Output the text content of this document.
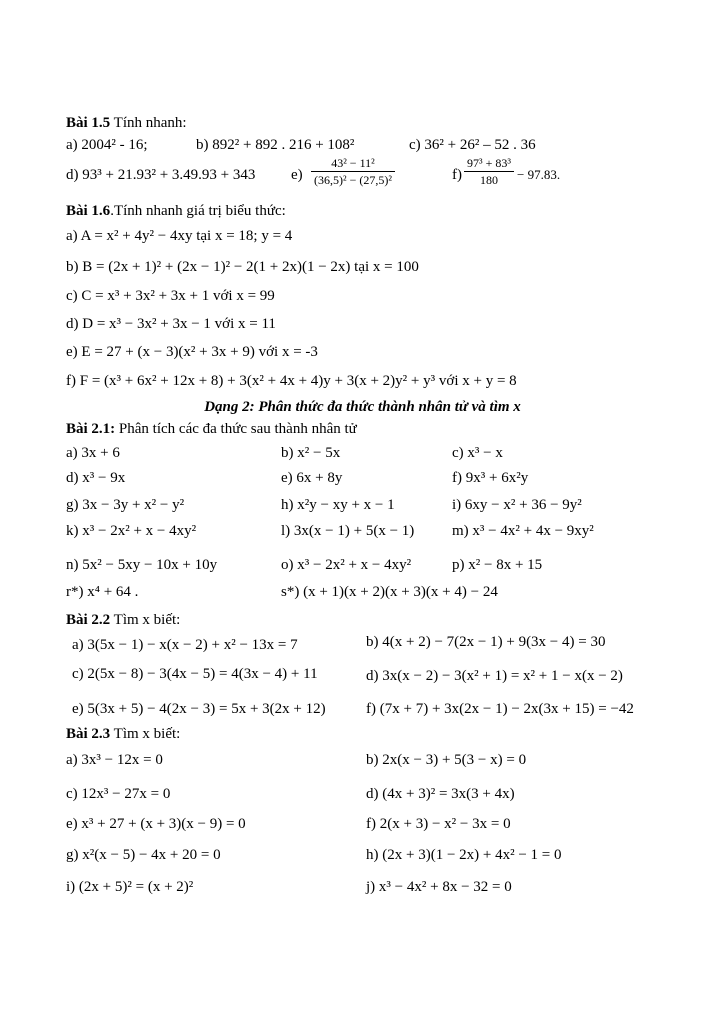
Bài 1.5 Tính nhanh:
a) 2004² - 16;	b) 892² + 892 . 216 + 108²	c) 36² + 26² – 52 . 36
d) 93³ + 21.93² + 3.49.93 + 343 $e) \frac{\text{43² − 11²}}{\text{(36,5)² − (27,5)²}}$	$f) \frac{\text{97³ + 83³}}{180} - 97.83$.
Bài 1.6.Tính nhanh giá trị biểu thức:
a) A = x² + 4y² − 4xy tại x = 18; y = 4
b) B = (2x + 1)² + (2x − 1)² − 2(1 + 2x)(1 − 2x) tại x = 100
c) C = x³ + 3x² + 3x + 1 với x = 99
d) D = x³ − 3x² + 3x − 1 với x = 11
e) E = 27 + (x − 3)(x² + 3x + 9) với x = -3
f) F = (x³ + 6x² + 12x + 8) + 3(x² + 4x + 4)y + 3(x + 2)y² + y³ với x + y = 8
Dạng 2: Phân thức đa thức thành nhân tử và tìm x
Bài 2.1: Phân tích các đa thức sau thành nhân tử
a) 3x + 6	b) x² − 5x	c) x³ − x
d) x³ − 9x	e) 6x + 8y	f) 9x³ + 6x²y
g) 3x − 3y + x² − y²	h) x²y − xy + x − 1	i) 6xy − x² + 36 − 9y²
k) x³ − 2x² + x − 4xy²	l) 3x(x − 1) + 5(x − 1)	m) x³ − 4x² + 4x − 9xy²
n) 5x² − 5xy − 10x + 10y	o) x³ − 2x² + x − 4xy²	p) x² − 8x + 15
r*) x⁴ + 64 .	s*) (x + 1)(x + 2)(x + 3)(x + 4) − 24
Bài 2.2 Tìm x biết:
a) 3(5x − 1) − x(x − 2) + x² − 13x = 7	b) 4(x + 2) − 7(2x − 1) + 9(3x − 4) = 30
c) 2(5x − 8) − 3(4x − 5) = 4(3x − 4) + 11	d) 3x(x − 2) − 3(x² + 1) = x² + 1 − x(x − 2)
e) 5(3x + 5) − 4(2x − 3) = 5x + 3(2x + 12)	f) (7x + 7) + 3x(2x − 1) − 2x(3x + 15) = −42
Bài 2.3 Tìm x biết:
a) 3x³ − 12x = 0	b) 2x(x − 3) + 5(3 − x) = 0
c) 12x³ − 27x = 0	d) (4x + 3)² = 3x(3 + 4x)
e) x³ + 27 + (x + 3)(x − 9) = 0	f) 2(x + 3) − x² − 3x = 0
g) x²(x − 5) − 4x + 20 = 0	h) (2x + 3)(1 − 2x) + 4x² − 1 = 0
i) (2x + 5)² = (x + 2)²	j) x³ − 4x² + 8x − 32 = 0
